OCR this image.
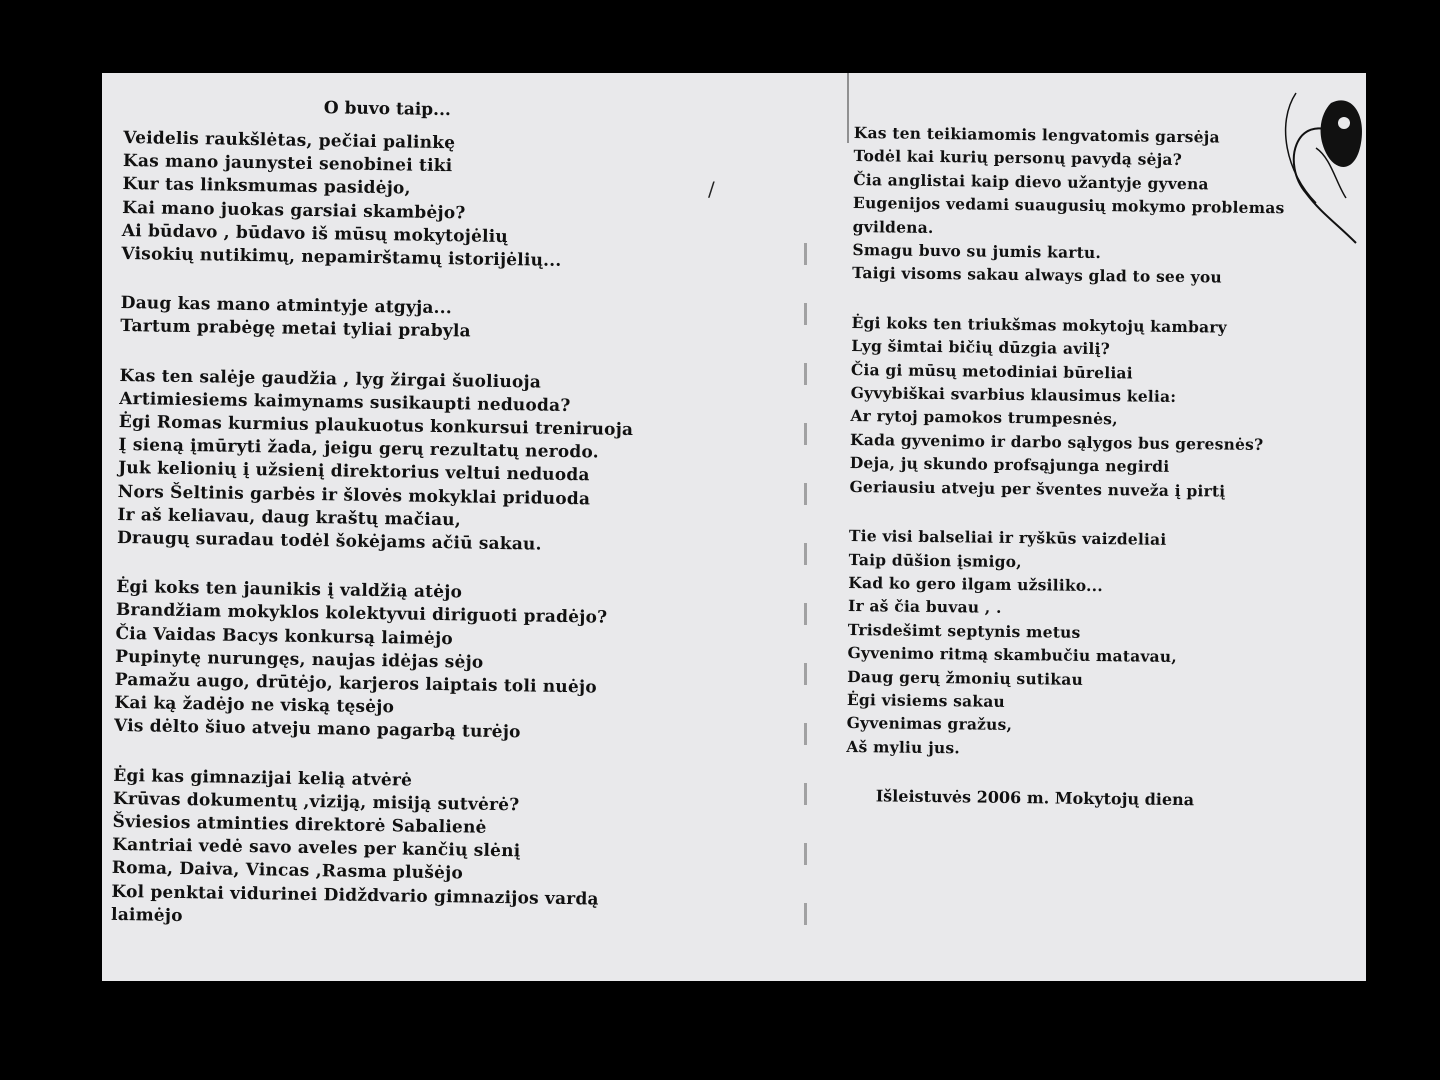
/
O buvo taip...
Veidelis raukšlėtas, pečiai palinkę
Kas mano jaunystei senobinei tiki
Kur tas linksmumas pasidėjo,
Kai mano juokas garsiai skambėjo?
Ai būdavo , būdavo iš mūsų mokytojėlių
Visokių nutikimų, nepamirštamų istorijėlių...
Daug kas mano atmintyje atgyja...
Tartum prabėgę metai tyliai prabyla
Kas ten salėje gaudžia , lyg žirgai šuoliuoja
Artimiesiems kaimynams susikaupti neduoda?
Ėgi Romas kurmius plaukuotus konkursui treniruoja
Į sieną įmūryti žada, jeigu gerų rezultatų nerodo.
Juk kelionių į užsienį direktorius veltui neduoda
Nors Šeltinis garbės ir šlovės mokyklai priduoda
Ir aš keliavau, daug kraštų mačiau,
Draugų suradau todėl šokėjams ačiū sakau.
Ėgi koks ten jaunikis į valdžią atėjo
Brandžiam mokyklos kolektyvui diriguoti pradėjo?
Čia Vaidas Bacys konkursą laimėjo
Pupinytę nurungęs, naujas idėjas sėjo
Pamažu augo, drūtėjo, karjeros laiptais toli nuėjo
Kai ką žadėjo ne viską tęsėjo
Vis dėlto šiuo atveju mano pagarbą turėjo
Ėgi kas gimnazijai kelią atvėrė
Krūvas dokumentų ,viziją, misiją sutvėrė?
Šviesios atminties direktorė Sabalienė
Kantriai vedė savo aveles per kančių slėnį
Roma, Daiva, Vincas ,Rasma plušėjo
Kol penktai vidurinei Didždvario gimnazijos vardą
laimėjo
Kas ten teikiamomis lengvatomis garsėja
Todėl kai kurių personų pavydą sėja?
Čia anglistai kaip dievo užantyje gyvena
Eugenijos vedami suaugusių mokymo problemas
gvildena.
Smagu buvo su jumis kartu.
Taigi visoms sakau always glad to see you
Ėgi koks ten triukšmas mokytojų kambary
Lyg šimtai bičių dūzgia avilį?
Čia gi mūsų metodiniai būreliai
Gyvybiškai svarbius klausimus kelia:
Ar rytoj pamokos trumpesnės,
Kada gyvenimo ir darbo sąlygos bus geresnės?
Deja, jų skundo profsąjunga negirdi
Geriausiu atveju per šventes nuveža į pirtį
Tie visi balseliai ir ryškūs vaizdeliai
Taip dūšion įsmigo,
Kad ko gero ilgam užsiliko...
Ir aš čia buvau , .
Trisdešimt septynis metus
Gyvenimo ritmą skambučiu matavau,
Daug gerų žmonių sutikau
Ėgi visiems sakau
Gyvenimas gražus,
Aš myliu jus.
Išleistuvės 2006 m. Mokytojų diena
